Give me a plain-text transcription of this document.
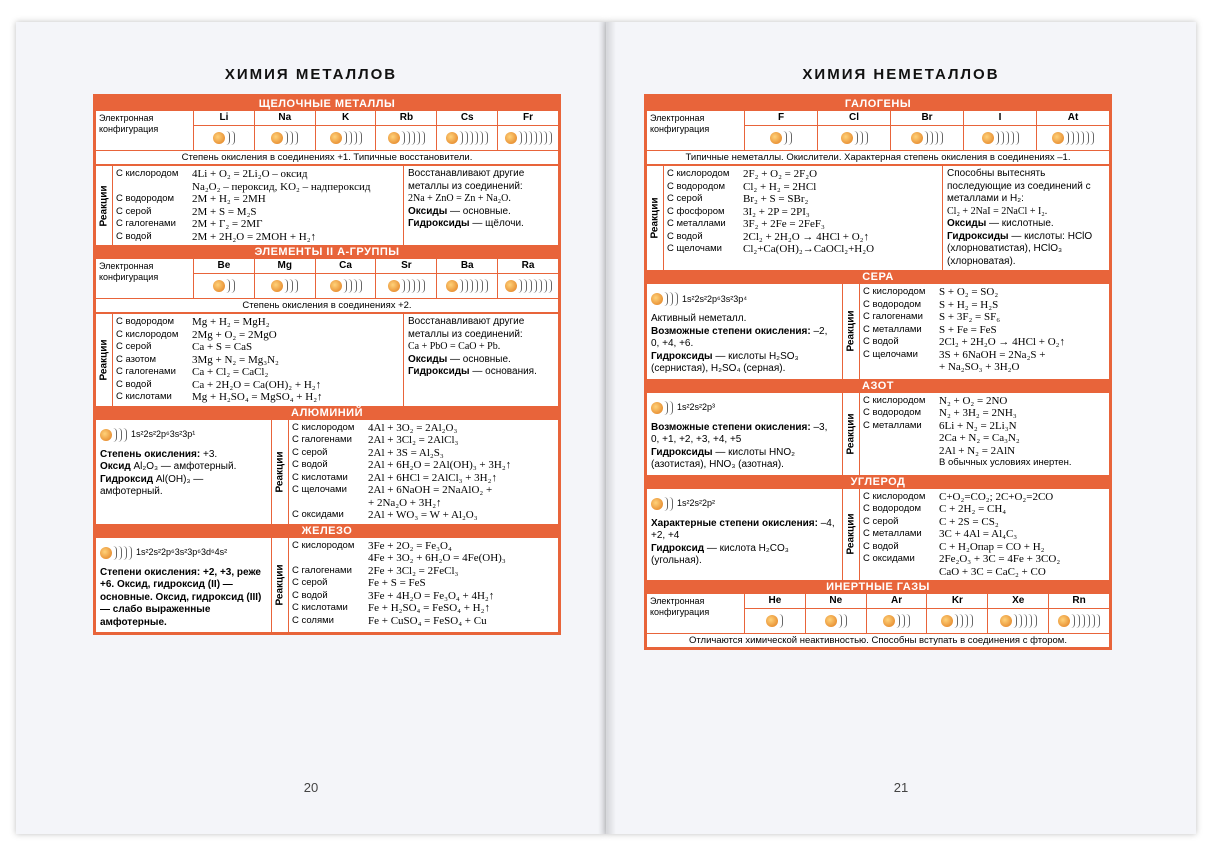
ХИМИЯ МЕТАЛЛОВ
ЩЕЛОЧНЫЕ МЕТАЛЛЫ
Электронная конфигурация
Li	Na	K	Rb	Cs	Fr
Степень окисления в соединениях +1. Типичные восстановители.
Реакции
С кислородом	4Li + O₂ = 2Li₂O – оксид
Na₂O₂ – пероксид, KO₂ – надпероксид
С водородом	2M + H₂ = 2MH
С серой	2M + S = M₂S
С галогенами	2M + Г₂ = 2MГ
С водой	2M + 2H₂O = 2MOH + H₂↑
Восстанавливают другие металлы из соединений:
2Na + ZnO = Zn + Na₂O.
Оксиды — основные.
Гидроксиды — щёлочи.
ЭЛЕМЕНТЫ II А-ГРУППЫ
Электронная конфигурация
Be	Mg	Ca	Sr	Ba	Ra
Степень окисления в соединениях +2.
Реакции
С водородом	Mg + H₂ = MgH₂
С кислородом	2Mg + O₂ = 2MgO
С серой	Ca + S = CaS
С азотом	3Mg + N₂ = Mg₃N₂
С галогенами	Ca + Cl₂ = CaCl₂
С водой	Ca + 2H₂O = Ca(OH)₂ + H₂↑
С кислотами	Mg + H₂SO₄ = MgSO₄ + H₂↑
Восстанавливают другие металлы из соединений:
Ca + PbO = CaO + Pb.
Оксиды — основные.
Гидроксиды — основания.
АЛЮМИНИЙ
1s²2s²2p⁶3s²3p¹
Степень окисления: +3.
Оксид Al₂O₃ — амфотерный.
Гидроксид Al(OH)₃ — амфотерный.	Реакции
С кислородом	4Al + 3O₂ = 2Al₂O₃
С галогенами	2Al + 3Cl₂ = 2AlCl₃
С серой	2Al + 3S = Al₂S₃
С водой	2Al + 6H₂O = 2Al(OH)₃ + 3H₂↑
С кислотами	2Al + 6HCl = 2AlCl₃ + 3H₂↑
С щелочами	2Al + 6NaOH = 2NaAlO₂ +
+ 2Na₂O + 3H₂↑
С оксидами	2Al + WO₃ = W + Al₂O₃
ЖЕЛЕЗО
1s²2s²2p⁶3s²3p⁶3d⁶4s²
Степени окисления: +2, +3, реже +6. Оксид, гидроксид (II) — основные. Оксид, гидроксид (III) — слабо выраженные амфотерные.
Реакции
С кислородом	3Fe + 2O₂ = Fe₃O₄
4Fe + 3O₂ + 6H₂O = 4Fe(OH)₃
С галогенами	2Fe + 3Cl₂ = 2FeCl₃
С серой	Fe + S = FeS
С водой	3Fe + 4H₂O = Fe₃O₄ + 4H₂↑
С кислотами	Fe + H₂SO₄ = FeSO₄ + H₂↑
С солями	Fe + CuSO₄ = FeSO₄ + Cu
20
ХИМИЯ НЕМЕТАЛЛОВ
ГАЛОГЕНЫ
Электронная конфигурация
F	Cl	Br	I	At
Типичные неметаллы. Окислители. Характерная степень окисления в соединениях –1.
Реакции
С кислородом	2F₂ + O₂ = 2F₂O
С водородом	Cl₂ + H₂ = 2HCl
С серой	Br₂ + S = SBr₂
С фосфором	3I₂ + 2P = 2PI₃
С металлами	3F₂ + 2Fe = 2FeF₃
С водой	2Cl₂ + 2H₂O → 4HCl + O₂↑
С щелочами	Cl₂+Ca(OH)₂→CaOCl₂+H₂O
Способны вытеснять последующие из соединений с металлами и H₂:
Cl₂ + 2NaI = 2NaCl + I₂.
Оксиды — кислотные.
Гидроксиды — кислоты: HClO (хлорноватистая), HClO₃ (хлорноватая).
СЕРА
1s²2s²2p⁶3s²3p⁴
Активный неметалл.
Возможные степени окисления: –2, 0, +4, +6.
Гидроксиды — кислоты H₂SO₃ (сернистая), H₂SO₄ (серная).
Реакции
С кислородом	S + O₂ = SO₂
С водородом	S + H₂ = H₂S
С галогенами	S + 3F₂ = SF₆
С металлами	S + Fe = FeS
С водой	2Cl₂ + 2H₂O → 4HCl + O₂↑
С щелочами	3S + 6NaOH = 2Na₂S +
+ Na₂SO₃ + 3H₂O
АЗОТ
1s²2s²2p³
Возможные степени окисления: –3, 0, +1, +2, +3, +4, +5
Гидроксиды — кислоты HNO₂ (азотистая), HNO₃ (азотная).
Реакции
С кислородом	N₂ + O₂ = 2NO
С водородом	N₂ + 3H₂ = 2NH₃
С металлами	6Li + N₂ = 2Li₃N
2Ca + N₂ = Ca₃N₂
2Al + N₂ = 2AlN
В обычных условиях инертен.
УГЛЕРОД
1s²2s²2p²
Характерные степени окисления: –4, +2, +4
Гидроксид — кислота H₂CO₃ (угольная).
Реакции
С кислородом	C+O₂=CO₂; 2C+O₂=2CO
С водородом	C + 2H₂ = CH₄
С серой	C + 2S = CS₂
С металлами	3C + 4Al = Al₄C₃
С водой	C + H₂Oпар = CO + H₂
С оксидами	2Fe₂O₃ + 3C = 4Fe + 3CO₂
CaO + 3C = CaC₂ + CO
ИНЕРТНЫЕ ГАЗЫ
Электронная конфигурация
He	Ne	Ar	Kr	Xe	Rn
Отличаются химической неактивностью. Способны вступать в соединения с фтором.
21
